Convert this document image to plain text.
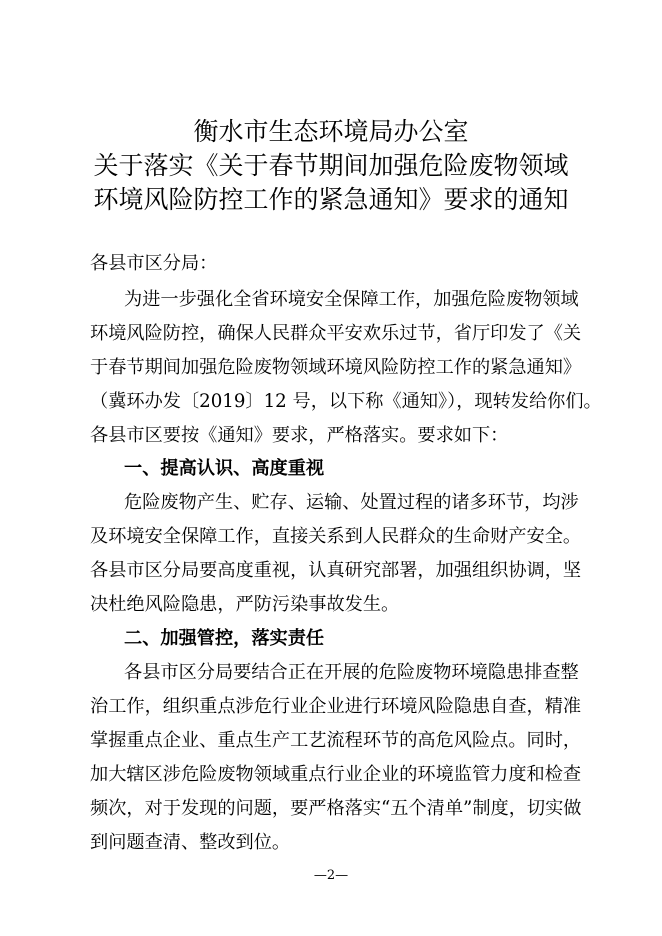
衡水市生态环境局办公室
关于落实《关于春节期间加强危险废物领域
环境风险防控工作的紧急通知》要求的通知
各县市区分局：
为进一步强化全省环境安全保障工作，加强危险废物领域
环境风险防控，确保人民群众平安欢乐过节，省厅印发了《关
于春节期间加强危险废物领域环境风险防控工作的紧急通知》
（冀环办发〔2019〕12 号，以下称《通知》），现转发给你们。
各县市区要按《通知》要求，严格落实。要求如下：
一、提高认识、高度重视
危险废物产生、贮存、运输、处置过程的诸多环节，均涉
及环境安全保障工作，直接关系到人民群众的生命财产安全。
各县市区分局要高度重视，认真研究部署，加强组织协调，坚
决杜绝风险隐患，严防污染事故发生。
二、加强管控，落实责任
各县市区分局要结合正在开展的危险废物环境隐患排查整
治工作，组织重点涉危行业企业进行环境风险隐患自查，精准
掌握重点企业、重点生产工艺流程环节的高危风险点。同时，
加大辖区涉危险废物领域重点行业企业的环境监管力度和检查
频次，对于发现的问题，要严格落实“五个清单”制度，切实做
到问题查清、整改到位。
—2—
